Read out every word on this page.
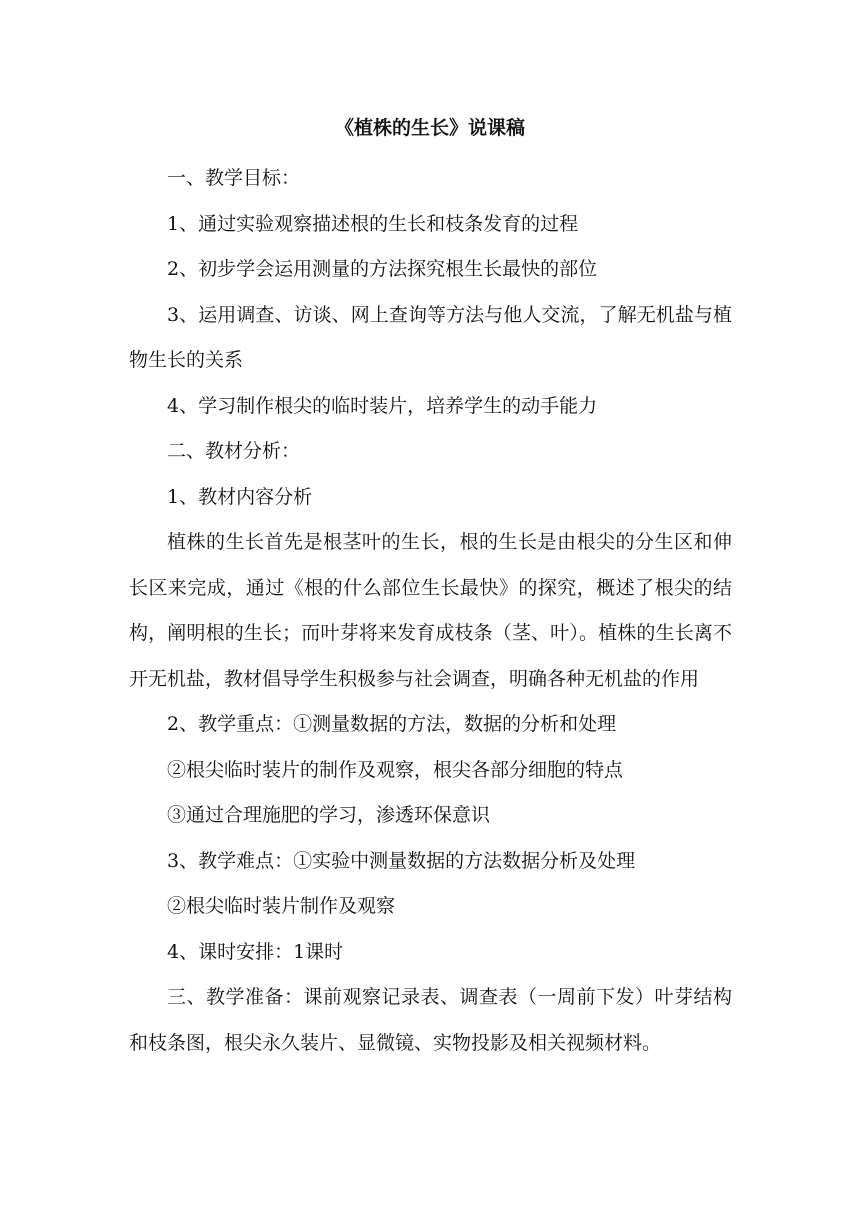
《植株的生长》说课稿

一、教学目标：

1、通过实验观察描述根的生长和枝条发育的过程

2、初步学会运用测量的方法探究根生长最快的部位

3、运用调查、访谈、网上查询等方法与他人交流，了解无机盐与植物生长的关系

4、学习制作根尖的临时装片，培养学生的动手能力

二、教材分析：

1、教材内容分析

植株的生长首先是根茎叶的生长，根的生长是由根尖的分生区和伸长区来完成，通过《根的什么部位生长最快》的探究，概述了根尖的结构，阐明根的生长；而叶芽将来发育成枝条（茎、叶）。植株的生长离不开无机盐，教材倡导学生积极参与社会调查，明确各种无机盐的作用

2、教学重点：①测量数据的方法，数据的分析和处理

②根尖临时装片的制作及观察，根尖各部分细胞的特点

③通过合理施肥的学习，渗透环保意识

3、教学难点：①实验中测量数据的方法数据分析及处理

②根尖临时装片制作及观察

4、课时安排：1课时

三、教学准备：课前观察记录表、调查表（一周前下发）叶芽结构和枝条图，根尖永久装片、显微镜、实物投影及相关视频材料。
